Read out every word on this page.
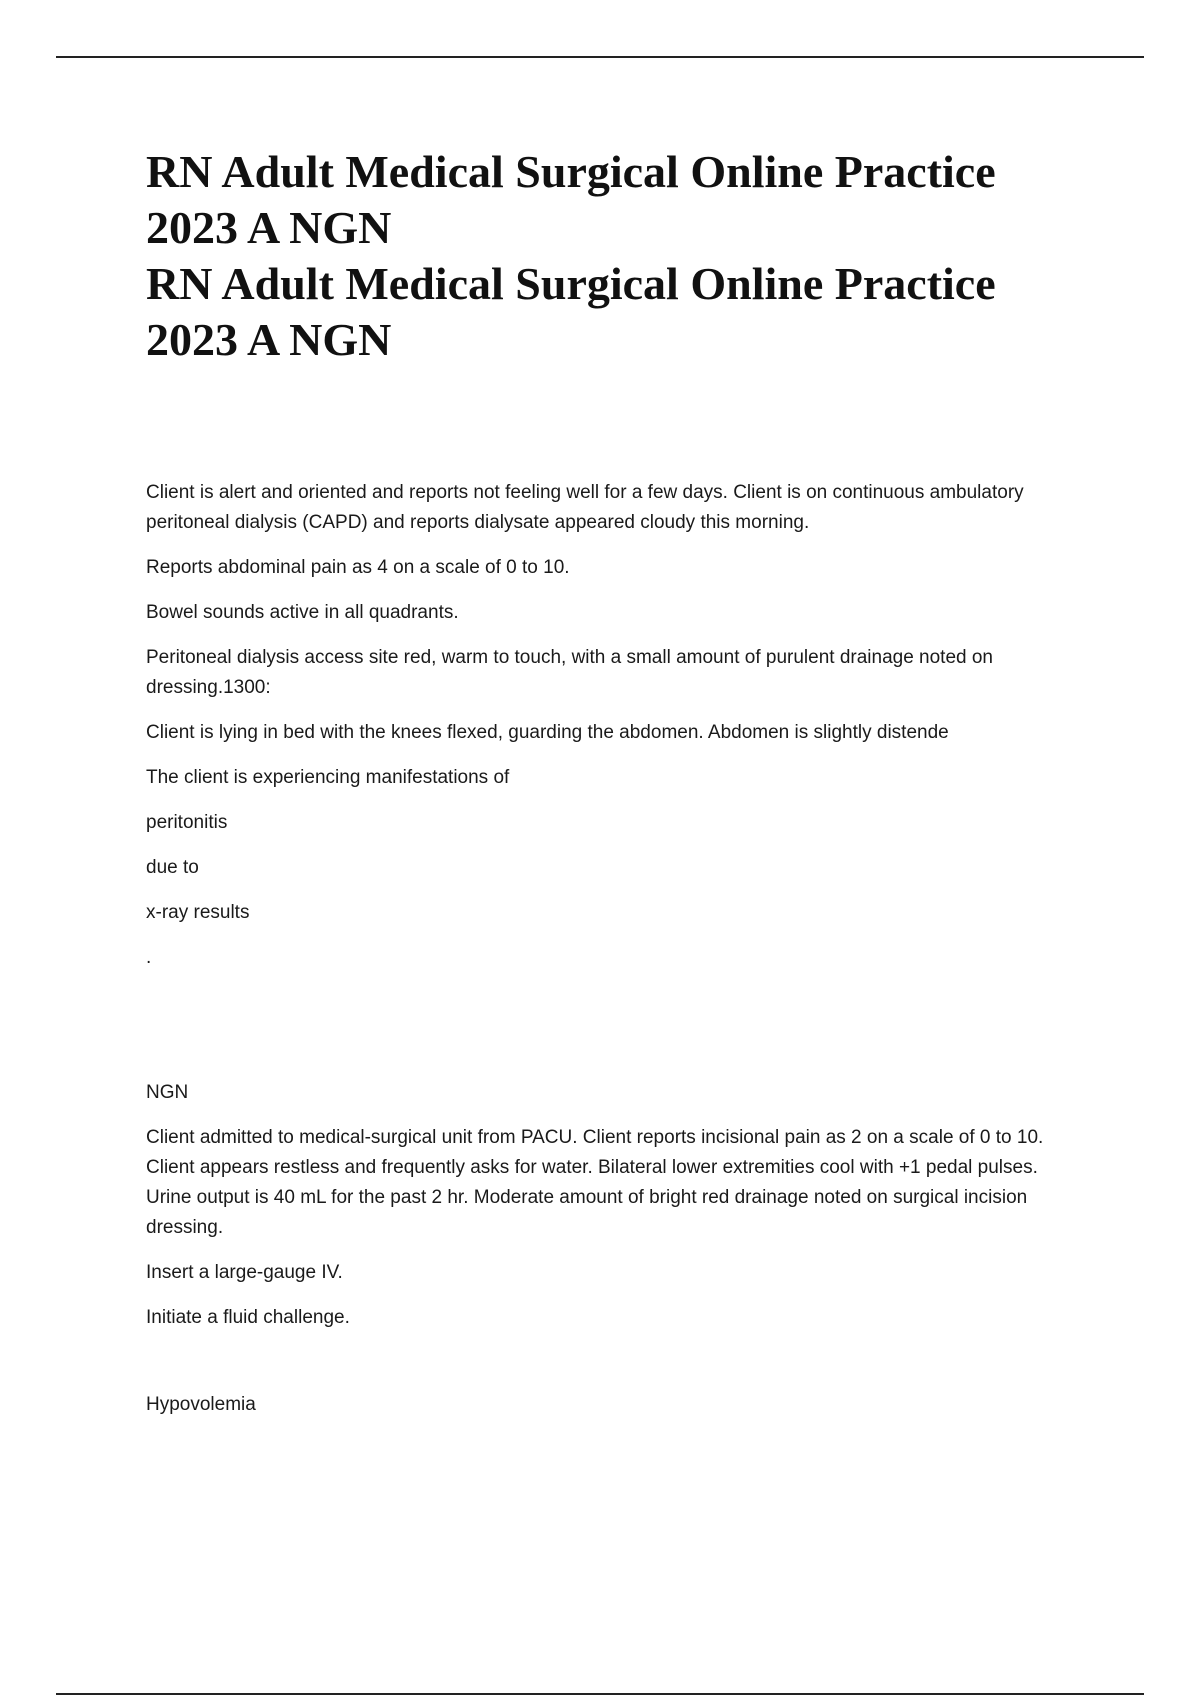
RN Adult Medical Surgical Online Practice
2023 A NGN
RN Adult Medical Surgical Online Practice
2023 A NGN

Client is alert and oriented and reports not feeling well for a few days. Client is on continuous ambulatory peritoneal dialysis (CAPD) and reports dialysate appeared cloudy this morning.

Reports abdominal pain as 4 on a scale of 0 to 10.

Bowel sounds active in all quadrants.

Peritoneal dialysis access site red, warm to touch, with a small amount of purulent drainage noted on dressing.1300:

Client is lying in bed with the knees flexed, guarding the abdomen. Abdomen is slightly distende

The client is experiencing manifestations of

peritonitis

due to

x-ray results

.

NGN

Client admitted to medical-surgical unit from PACU. Client reports incisional pain as 2 on a scale of 0 to 10. Client appears restless and frequently asks for water. Bilateral lower extremities cool with +1 pedal pulses. Urine output is 40 mL for the past 2 hr. Moderate amount of bright red drainage noted on surgical incision dressing.

Insert a large-gauge IV.

Initiate a fluid challenge.

Hypovolemia
